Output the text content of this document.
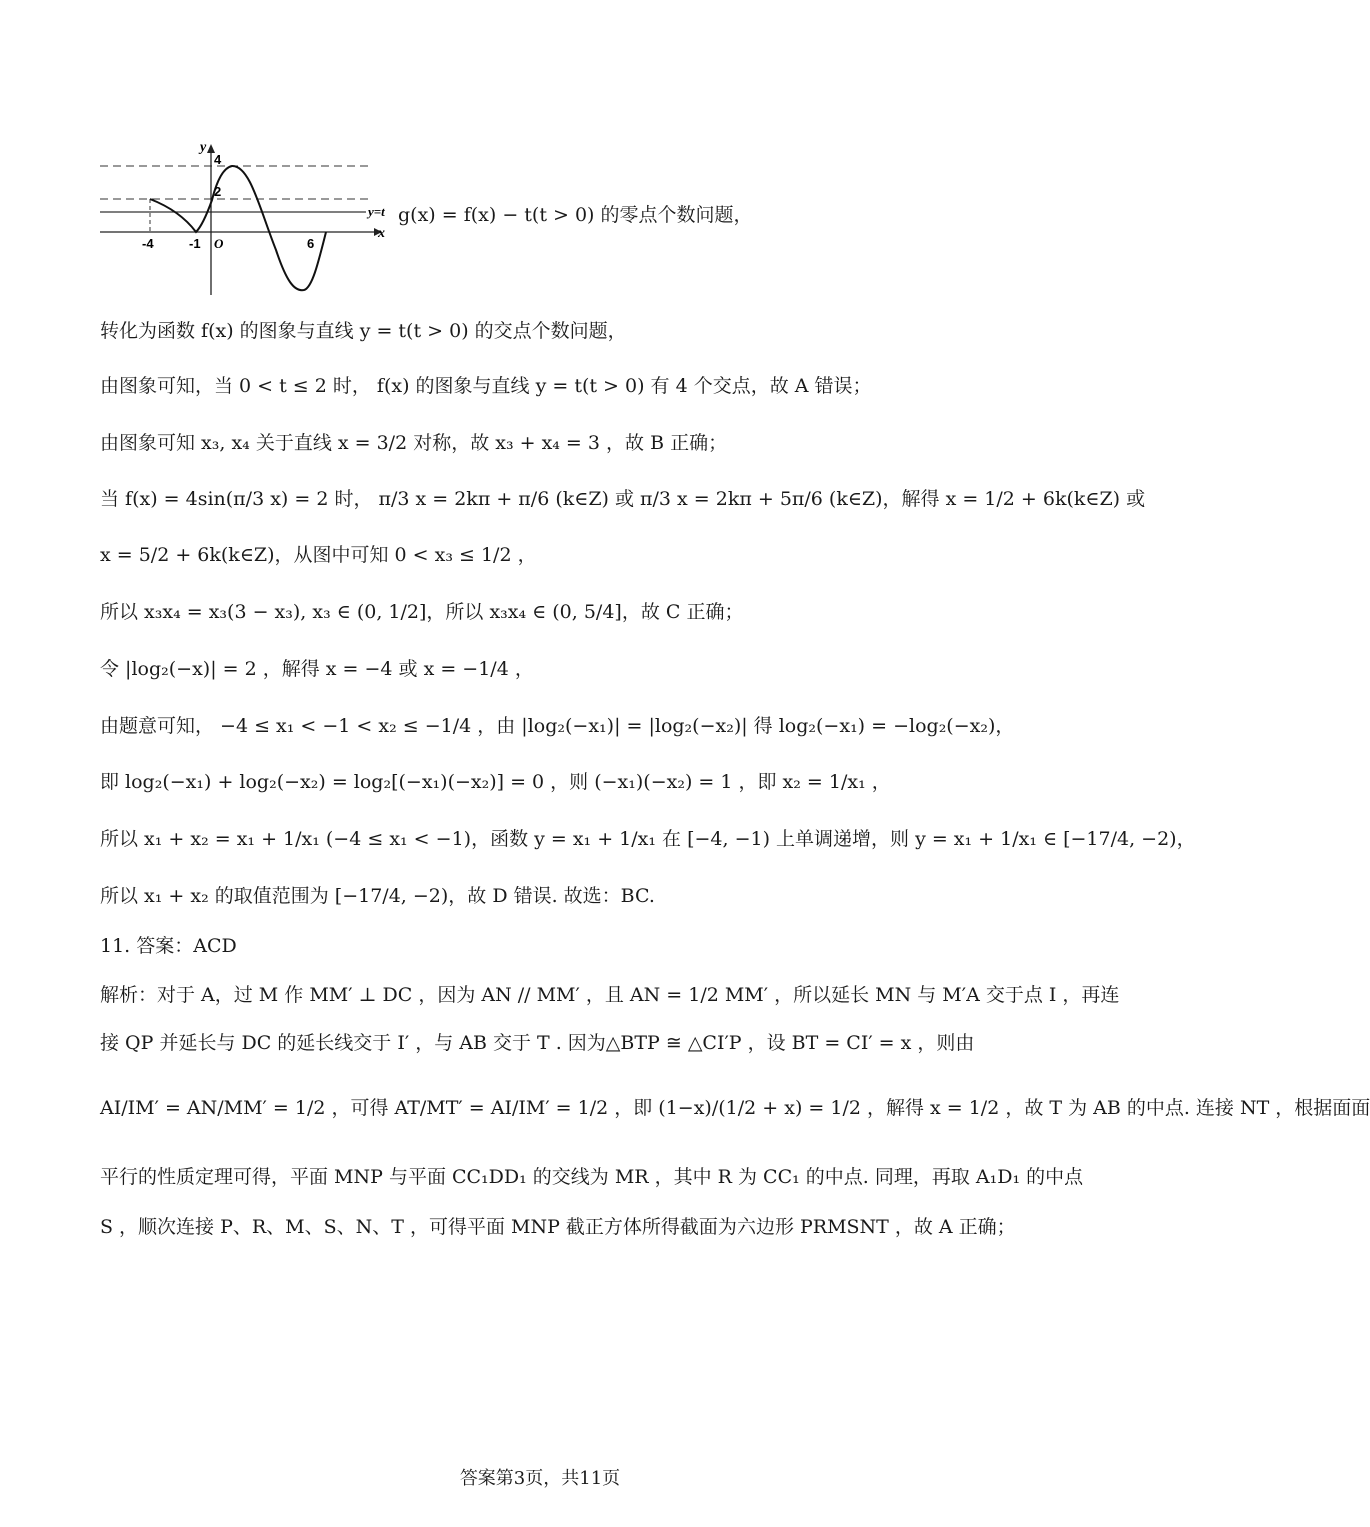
y
x
y=t
-4	-1 O	6
2
4
g(x) = f(x) − t(t > 0) 的零点个数问题，
转化为函数 f(x) 的图象与直线 y = t(t > 0) 的交点个数问题，
由图象可知，当 0 < t ≤ 2 时， f(x) 的图象与直线 y = t(t > 0) 有 4 个交点，故 A 错误；
由图象可知 x₃, x₄ 关于直线 x = 3/2 对称，故 x₃ + x₄ = 3 ，故 B 正确；
当 f(x) = 4sin(π/3 x) = 2 时， π/3 x = 2kπ + π/6 (k∈Z) 或 π/3 x = 2kπ + 5π/6 (k∈Z)，解得 x = 1/2 + 6k(k∈Z) 或
x = 5/2 + 6k(k∈Z)，从图中可知 0 < x₃ ≤ 1/2 ，
所以 x₃x₄ = x₃(3 − x₃), x₃ ∈ (0, 1/2]，所以 x₃x₄ ∈ (0, 5/4]，故 C 正确；
令 |log₂(−x)| = 2 ，解得 x = −4 或 x = −1/4 ，
由题意可知， −4 ≤ x₁ < −1 < x₂ ≤ −1/4 ，由 |log₂(−x₁)| = |log₂(−x₂)| 得 log₂(−x₁) = −log₂(−x₂)，
即 log₂(−x₁) + log₂(−x₂) = log₂[(−x₁)(−x₂)] = 0 ，则 (−x₁)(−x₂) = 1 ，即 x₂ = 1/x₁ ，
所以 x₁ + x₂ = x₁ + 1/x₁ (−4 ≤ x₁ < −1)，函数 y = x₁ + 1/x₁ 在 [−4, −1) 上单调递增，则 y = x₁ + 1/x₁ ∈ [−17/4, −2)，
所以 x₁ + x₂ 的取值范围为 [−17/4, −2)，故 D 错误. 故选：BC.
11. 答案：ACD
解析：对于 A，过 M 作 MM′ ⊥ DC ，因为 AN // MM′ ，且 AN = 1/2 MM′ ，所以延长 MN 与 M′A 交于点 I ，再连
接 QP 并延长与 DC 的延长线交于 I′ ，与 AB 交于 T . 因为△BTP ≅ △CI′P ，设 BT = CI′ = x ，则由
AI/IM′ = AN/MM′ = 1/2 ，可得 AT/MT′ = AI/IM′ = 1/2 ，即 (1−x)/(1/2 + x) = 1/2 ，解得 x = 1/2 ，故 T 为 AB 的中点. 连接 NT ，根据面面
平行的性质定理可得，平面 MNP 与平面 CC₁DD₁ 的交线为 MR ，其中 R 为 CC₁ 的中点. 同理，再取 A₁D₁ 的中点
S ，顺次连接 P、R、M、S、N、T ，可得平面 MNP 截正方体所得截面为六边形 PRMSNT ，故 A 正确；
答案第3页，共11页
